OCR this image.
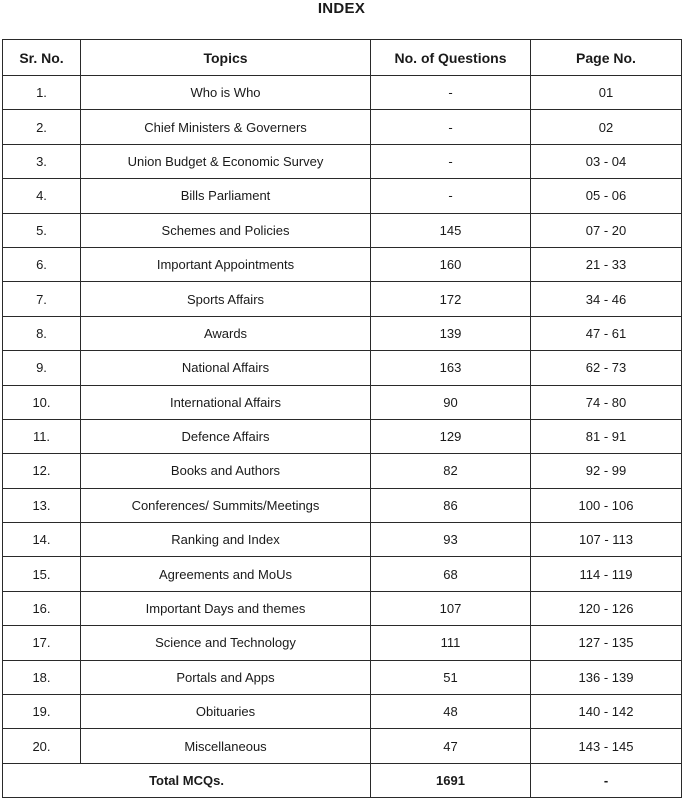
INDEX
Sr. No.	Topics	No. of Questions	Page No.
1.	Who is Who	-	01
2.	Chief Ministers & Governers	-	02
3.	Union Budget & Economic Survey	-	03 - 04
4.	Bills Parliament	-	05 - 06
5.	Schemes and Policies	145	07 - 20
6.	Important Appointments	160	21 - 33
7.	Sports Affairs	172	34 - 46
8.	Awards	139	47 - 61
9.	National Affairs	163	62 - 73
10.	International Affairs	90	74 - 80
11.	Defence Affairs	129	81 - 91
12.	Books and Authors	82	92 - 99
13.	Conferences/ Summits/Meetings	86	100 - 106
14.	Ranking and Index	93	107 - 113
15.	Agreements and MoUs	68	114 - 119
16.	Important Days and themes	107	120 - 126
17.	Science and Technology	111	127 - 135
18.	Portals and Apps	51	136 - 139
19.	Obituaries	48	140 - 142
20.	Miscellaneous	47	143 - 145
Total MCQs.		1691	-
